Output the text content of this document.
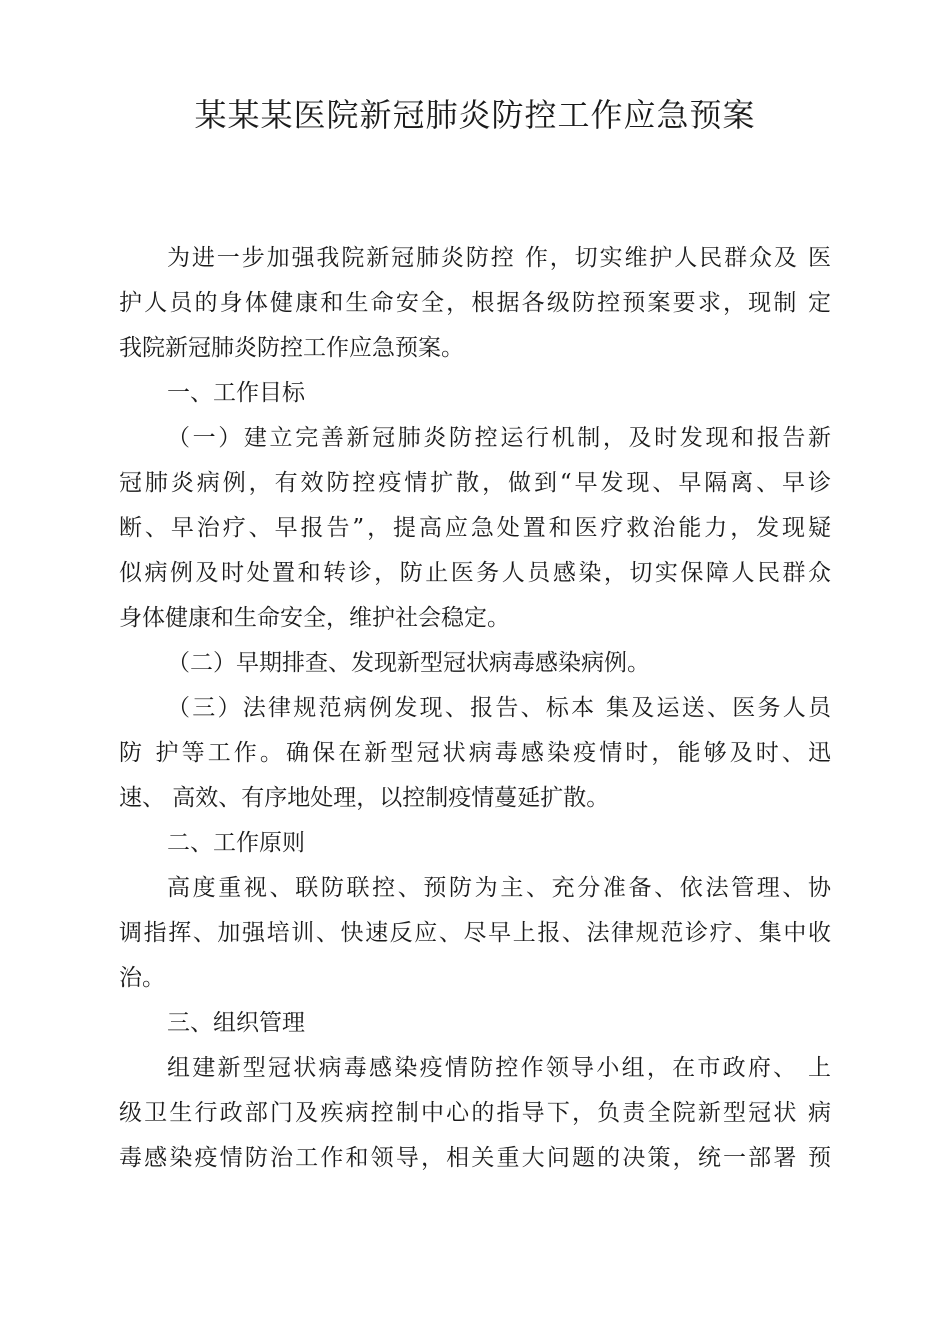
某某某医院新冠肺炎防控工作应急预案
为进一步加强我院新冠肺炎防控 作，切实维护人民群众及 医
护人员的身体健康和生命安全，根据各级防控预案要求，现制 定
我院新冠肺炎防控工作应急预案。
一、工作目标
（一）建立完善新冠肺炎防控运行机制，及时发现和报告新
冠肺炎病例，有效防控疫情扩散，做到“早发现、早隔离、早诊
断、早治疗、早报告”，提高应急处置和医疗救治能力，发现疑
似病例及时处置和转诊，防止医务人员感染，切实保障人民群众
身体健康和生命安全，维护社会稳定。
（二）早期排查、发现新型冠状病毒感染病例。
（三）法律规范病例发现、报告、标本 集及运送、医务人员
防 护等工作。确保在新型冠状病毒感染疫情时，能够及时、迅
速、 高效、有序地处理，以控制疫情蔓延扩散。
二、工作原则
高度重视、联防联控、预防为主、充分准备、依法管理、协
调指挥、加强培训、快速反应、尽早上报、法律规范诊疗、集中收
治。
三、组织管理
组建新型冠状病毒感染疫情防控作领导小组，在市政府、 上
级卫生行政部门及疾病控制中心的指导下，负责全院新型冠状 病
毒感染疫情防治工作和领导，相关重大问题的决策，统一部署 预
